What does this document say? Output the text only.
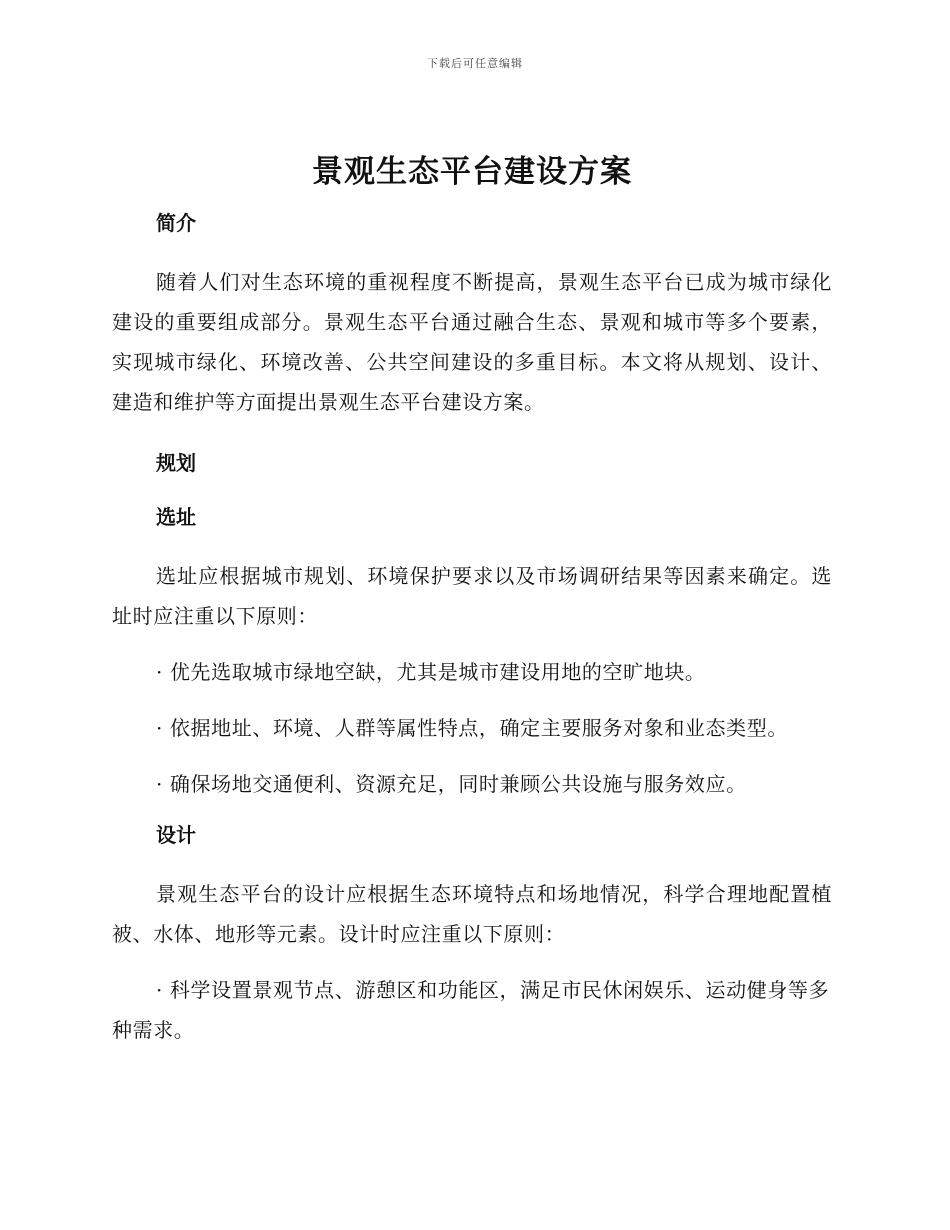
下载后可任意编辑
景观生态平台建设方案
简介

随着人们对生态环境的重视程度不断提高，景观生态平台已成为城市绿化建设的重要组成部分。景观生态平台通过融合生态、景观和城市等多个要素，实现城市绿化、环境改善、公共空间建设的多重目标。本文将从规划、设计、建造和维护等方面提出景观生态平台建设方案。

规划
选址

选址应根据城市规划、环境保护要求以及市场调研结果等因素来确定。选址时应注重以下原则：

· 优先选取城市绿地空缺，尤其是城市建设用地的空旷地块。

· 依据地址、环境、人群等属性特点，确定主要服务对象和业态类型。

· 确保场地交通便利、资源充足，同时兼顾公共设施与服务效应。

设计

景观生态平台的设计应根据生态环境特点和场地情况，科学合理地配置植被、水体、地形等元素。设计时应注重以下原则：

· 科学设置景观节点、游憩区和功能区，满足市民休闲娱乐、运动健身等多种需求。
